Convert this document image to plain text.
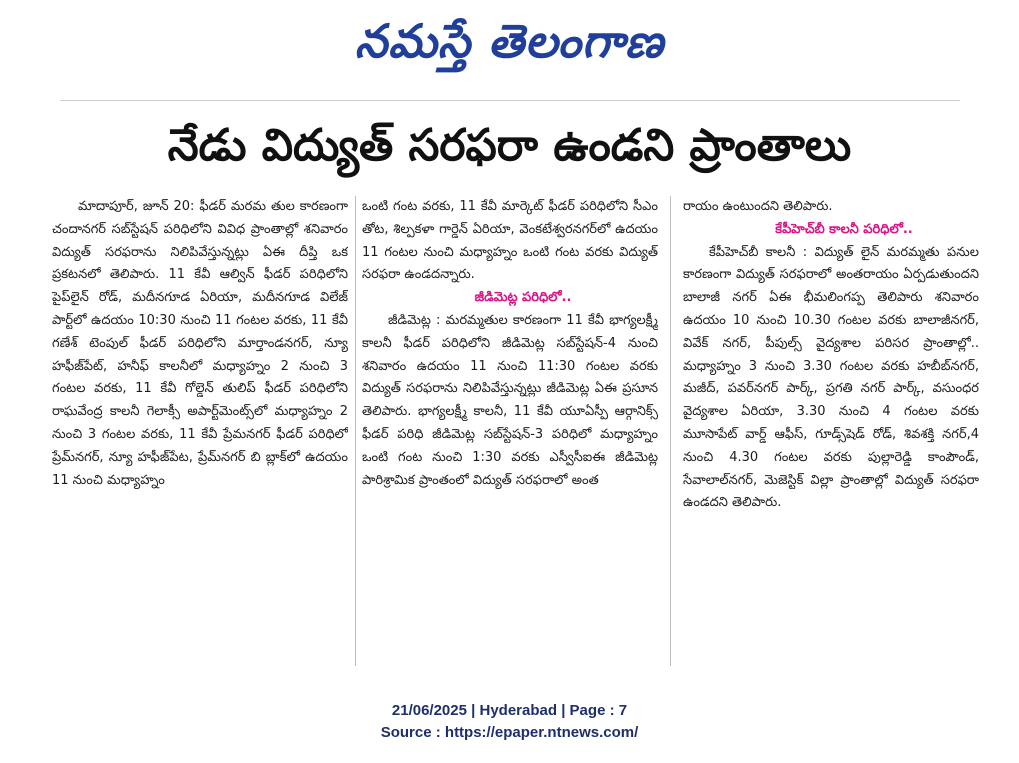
నమస్తే తెలంగాణ
నేడు విద్యుత్ సరఫరా ఉండని ప్రాంతాలు

మాదాపూర్, జూన్ 20: ఫీడర్ మరమ తుల కారణంగా చందానగర్ సబ్‌స్టేషన్ పరిధిలోని వివిధ ప్రాంతాల్లో శనివారం విద్యుత్ సరఫరాను నిలిపివేస్తున్నట్లు ఏఈ దీప్తి ఒక ప్రకటనలో తెలిపారు. 11 కేవీ ఆల్విన్ ఫీడర్ పరిధిలోని పైప్‌లైన్ రోడ్, మదీనగూడ ఏరియా, మదీనగూడ విలేజ్ పార్ట్‌లో ఉదయం 10:30 నుంచి 11 గంటల వరకు, 11 కేవీ గణేశ్ టెంపుల్ ఫీడర్ పరిధిలోని మార్తాండనగర్, న్యూ హఫీజ్‌పేట్, హనీఫ్ కాలనీలో మధ్యాహ్నం 2 నుంచి 3 గంటల వరకు, 11 కేవీ గోల్డెన్ తులిప్ ఫీడర్ పరిధిలోని రాఘవేంద్ర కాలనీ గెలాక్సీ అపార్ట్‌మెంట్స్‌లో మధ్యాహ్నం 2 నుంచి 3 గంటల వరకు, 11 కేవీ ప్రేమనగర్ ఫీడర్ పరిధిలో ప్రేమ్‌నగర్, న్యూ హఫీజ్‌పేట, ప్రేమ్‌నగర్ బి బ్లాక్‌లో ఉదయం 11 నుంచి మధ్యాహ్నం

ఒంటి గంట వరకు, 11 కేవీ మార్కెట్ ఫీడర్ పరిధిలోని సీఎం తోట, శిల్పకళా గార్డెన్ ఏరియా, వెంకటేశ్వరనగర్‌లో ఉదయం 11 గంటల నుంచి మధ్యాహ్నం ఒంటి గంట వరకు విద్యుత్ సరఫరా ఉండదన్నారు.

జీడిమెట్ల పరిధిలో..

జీడిమెట్ల : మరమ్మతుల కారణంగా 11 కేవీ భాగ్యలక్ష్మీ కాలనీ ఫీడర్ పరిధిలోని జీడిమెట్ల సబ్‌స్టేషన్-4 నుంచి శనివారం ఉదయం 11 నుంచి 11:30 గంటల వరకు విద్యుత్ సరఫరాను నిలిపివేస్తున్నట్లు జీడిమెట్ల ఏఈ ప్రసూన తెలిపారు. భాగ్యలక్ష్మీ కాలనీ, 11 కేవీ యూఏస్పీ ఆర్గానిక్స్ ఫీడర్ పరిధి జీడిమెట్ల సబ్‌స్టేషన్-3 పరిధిలో మధ్యాహ్నం ఒంటి గంట నుంచి 1:30 వరకు ఎస్వీసీఐఈ జీడిమెట్ల పారిశ్రామిక ప్రాంతంలో విద్యుత్ సరఫరాలో అంత

రాయం ఉంటుందని తెలిపారు.

కేపీహెచ్‌బీ కాలనీ పరిధిలో..

కేపీహెచ్‌బీ కాలనీ : విద్యుత్ లైన్ మరమ్మతు పనుల కారణంగా విద్యుత్ సరఫరాలో అంతరాయం ఏర్పడుతుందని బాలాజీ నగర్ ఏఈ భీమలింగప్ప తెలిపారు శనివారం ఉదయం 10 నుంచి 10.30 గంటల వరకు బాలాజీనగర్, వివేక్ నగర్, పీపుల్స్ వైద్యశాల పరిసర ప్రాంతాల్లో.. మధ్యాహ్నం 3 నుంచి 3.30 గంటల వరకు హబీబ్‌నగర్, మజీద్, పవర్‌నగర్ పార్క్, ప్రగతి నగర్ పార్క్, వసుంధర వైద్యశాల ఏరియా, 3.30 నుంచి 4 గంటల వరకు మూసాపేట్ వార్డ్ ఆఫీస్, గూడ్స్‌షెడ్ రోడ్, శివశక్తి నగర్,4 నుంచి 4.30 గంటల వరకు పుల్లారెడ్డి కాంపౌండ్, సేవాలాల్‌నగర్, మెజెస్టిక్ విల్లా ప్రాంతాల్లో విద్యుత్ సరఫరా ఉండదని తెలిపారు.

21/06/2025 | Hyderabad | Page : 7
Source : https://epaper.ntnews.com/
